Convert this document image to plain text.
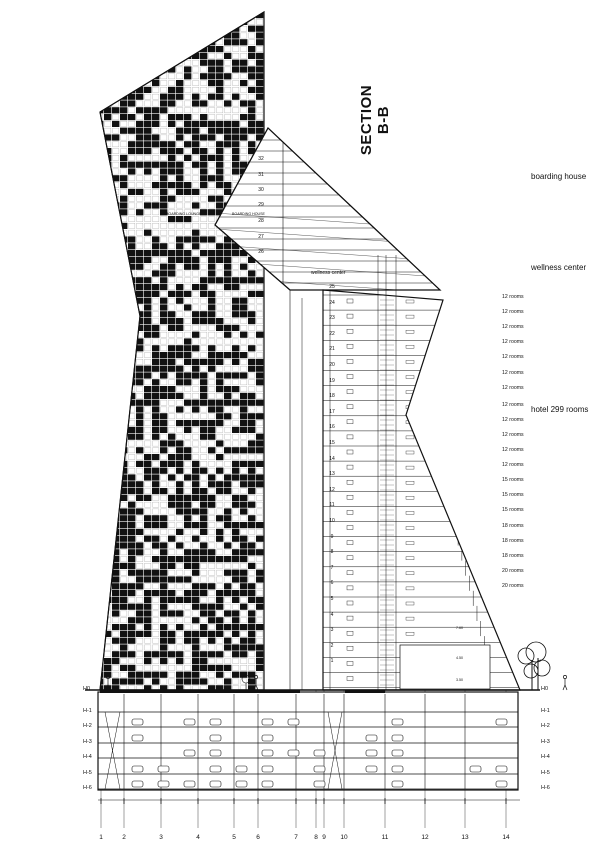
SECTION B-B
boarding house
wellness center
hotel 299 rooms
BOARDING LOUNGE	BOARDING HOUSE
wellness center
7.60
4.50
3.50
12 rooms
12 rooms
12 rooms
12 rooms
12 rooms
12 rooms
12 rooms
12 rooms
12 rooms
12 rooms
12 rooms
12 rooms
15 rooms
15 rooms
15 rooms
18 rooms
18 rooms
18 rooms
20 rooms
20 rooms
H0
H-1
H-2
H-3
H-4
H-5
H-6
H0
H-1
H-2
H-3
H-4
H-5
H-6
1	2	3	4	5	6	7	8 9	10	11	12	13	14
32
31
30
29
28
27
26
25
24
23
22
21
20
19
18
17
16
15
14
13
12
11
10
9
8
7
6
5
4
3
2
1
